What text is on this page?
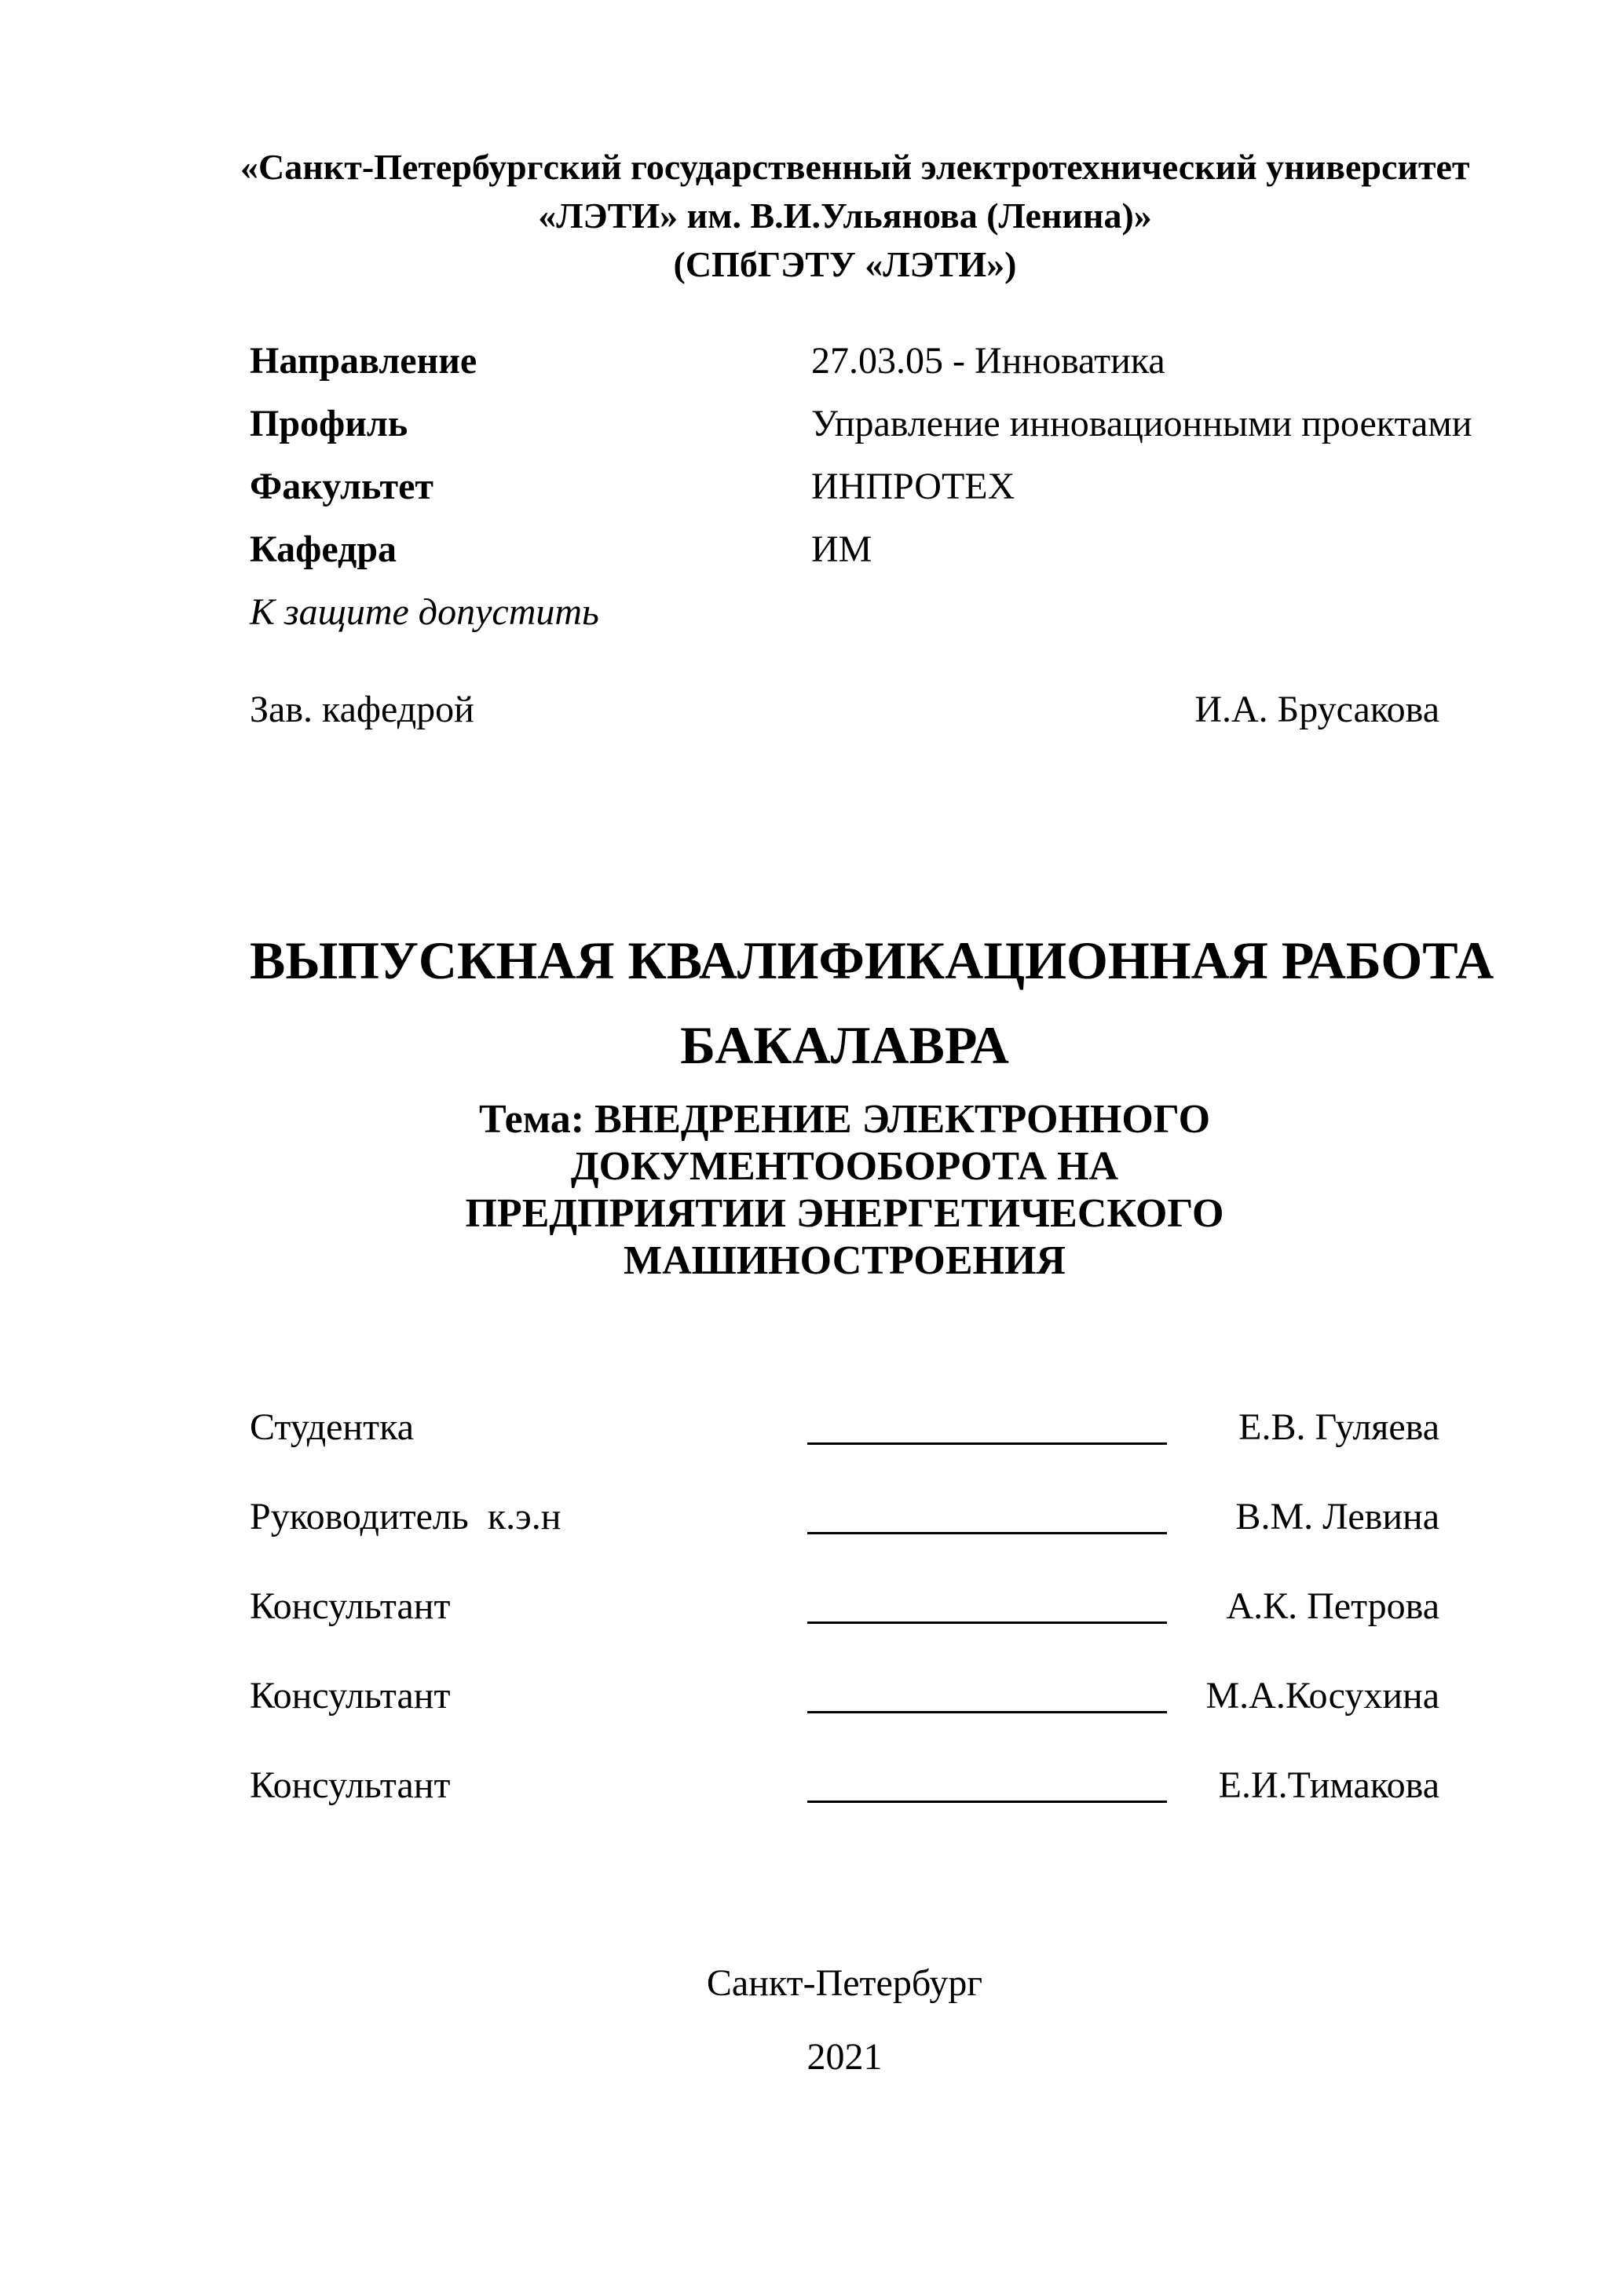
«Санкт-Петербургский государственный электротехнический университет
«ЛЭТИ» им. В.И.Ульянова (Ленина)»
(СПбГЭТУ «ЛЭТИ»)
Направление	27.03.05 - Инноватика
Профиль	Управление инновационными проектами
Факультет	ИНПРОТЕХ
Кафедра	ИМ
К защите допустить
Зав. кафедрой	И.А. Брусакова
ВЫПУСКНАЯ КВАЛИФИКАЦИОННАЯ РАБОТА
БАКАЛАВРА
Тема: ВНЕДРЕНИЕ ЭЛЕКТРОННОГО ДОКУМЕНТООБОРОТА НА
ПРЕДПРИЯТИИ ЭНЕРГЕТИЧЕСКОГО МАШИНОСТРОЕНИЯ
Студентка	Е.В. Гуляева
Руководитель  к.э.н	В.М. Левина
Консультант	А.К. Петрова
Консультант	М.А.Косухина
Консультант	Е.И.Тимакова
Санкт-Петербург
2021
